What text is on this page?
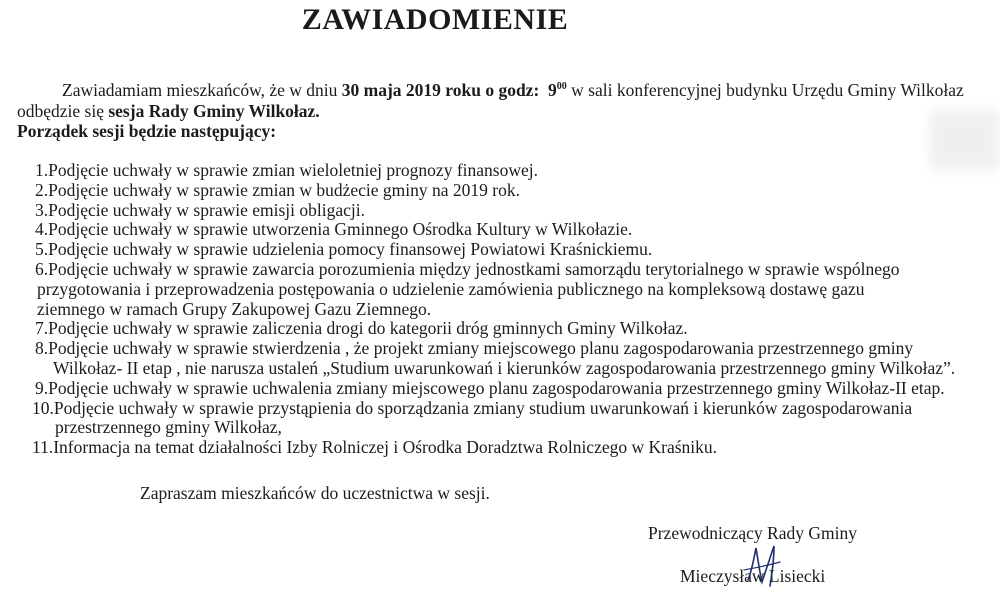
ZAWIADOMIENIE
Zawiadamiam mieszkańców, że w dniu 30 maja 2019 roku o godz: $9^{00}$ w sali konferencyjnej budynku Urzędu Gminy Wilkołaz
odbędzie się sesja Rady Gminy Wilkołaz.
Porządek sesji będzie następujący:
1.Podjęcie uchwały w sprawie zmian wieloletniej prognozy finansowej.
2.Podjęcie uchwały w sprawie zmian w budżecie gminy na 2019 rok.
3.Podjęcie uchwały w sprawie emisji obligacji.
4.Podjęcie uchwały w sprawie utworzenia Gminnego Ośrodka Kultury w Wilkołazie.
5.Podjęcie uchwały w sprawie udzielenia pomocy finansowej Powiatowi Kraśnickiemu.
6.Podjęcie uchwały w sprawie zawarcia porozumienia między jednostkami samorządu terytorialnego w sprawie wspólnego
przygotowania i przeprowadzenia postępowania o udzielenie zamówienia publicznego na kompleksową dostawę gazu
ziemnego w ramach Grupy Zakupowej Gazu Ziemnego.
7.Podjęcie uchwały w sprawie zaliczenia drogi do kategorii dróg gminnych Gminy Wilkołaz.
8.Podjęcie uchwały w sprawie stwierdzenia , że projekt zmiany miejscowego planu zagospodarowania przestrzennego gminy
Wilkołaz- II etap , nie narusza ustaleń „Studium uwarunkowań i kierunków zagospodarowania przestrzennego gminy Wilkołaz”.
9.Podjęcie uchwały w sprawie uchwalenia zmiany miejscowego planu zagospodarowania przestrzennego gminy Wilkołaz-II etap.
10.Podjęcie uchwały w sprawie przystąpienia do sporządzania zmiany studium uwarunkowań i kierunków zagospodarowania
przestrzennego gminy Wilkołaz,
11.Informacja na temat działalności Izby Rolniczej i Ośrodka Doradztwa Rolniczego w Kraśniku.
Zapraszam mieszkańców do uczestnictwa w sesji.
Przewodniczący Rady Gminy
Mieczysław Lisiecki
